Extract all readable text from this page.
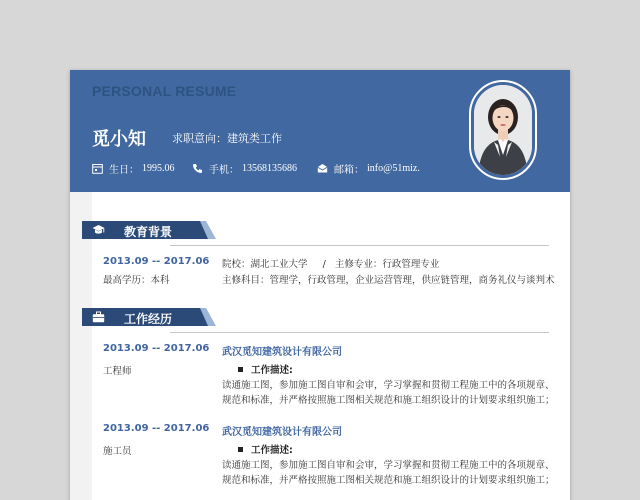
PERSONAL RESUME
觅小知 求职意向：建筑类工作
生日： 1995.06	手机： 13568135686	邮箱： info@51miz.
教育背景
2013.09 -- 2017.06
最高学历：本科
院校：湖北工业大学     /   主修专业：行政管理专业
主修科目：管理学，行政管理，企业运营管理，供应链管理，商务礼仪与谈判术
工作经历
2013.09 -- 2017.06
工程师
武汉觅知建筑设计有限公司
工作描述:
读通施工图，参加施工图自审和会审，学习掌握和贯彻工程施工中的各项规章、
规范和标准，并严格按照施工图相关规范和施工组织设计的计划要求组织施工；
2013.09 -- 2017.06
施工员
武汉觅知建筑设计有限公司
工作描述:
读通施工图，参加施工图自审和会审，学习掌握和贯彻工程施工中的各项规章、
规范和标准，并严格按照施工图相关规范和施工组织设计的计划要求组织施工；
